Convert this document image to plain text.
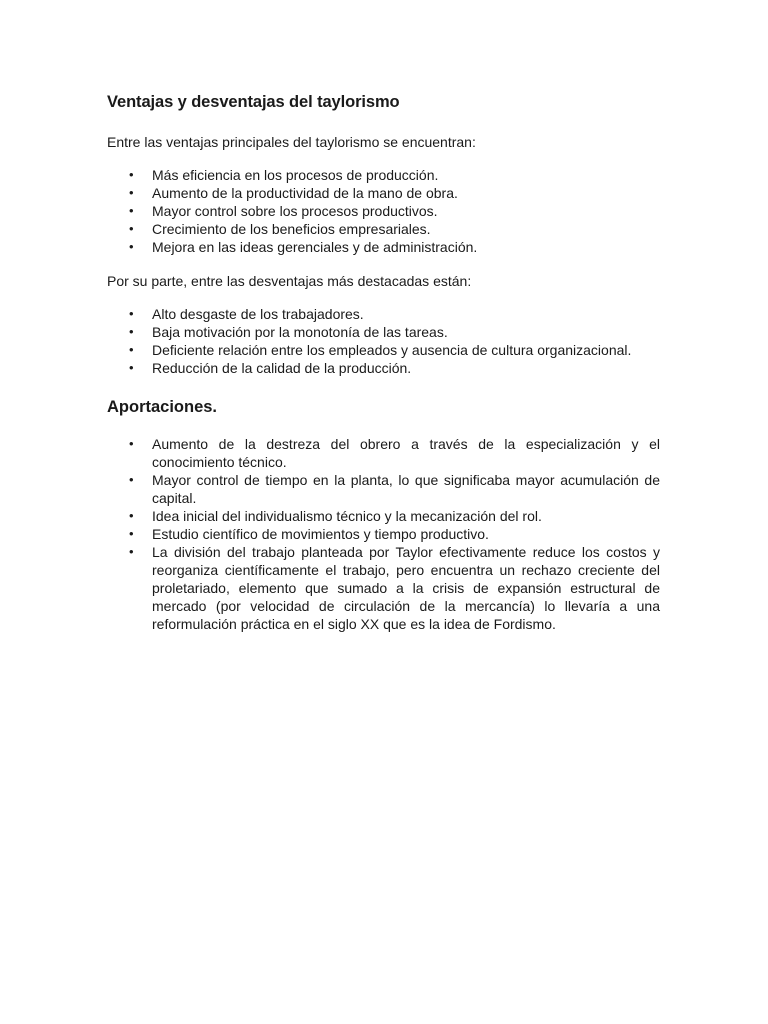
Ventajas y desventajas del taylorismo

Entre las ventajas principales del taylorismo se encuentran:

• Más eficiencia en los procesos de producción.
• Aumento de la productividad de la mano de obra.
• Mayor control sobre los procesos productivos.
• Crecimiento de los beneficios empresariales.
• Mejora en las ideas gerenciales y de administración.

Por su parte, entre las desventajas más destacadas están:

• Alto desgaste de los trabajadores.
• Baja motivación por la monotonía de las tareas.
• Deficiente relación entre los empleados y ausencia de cultura organizacional.
• Reducción de la calidad de la producción.
Aportaciones.
• Aumento de la destreza del obrero a través de la especialización y el conocimiento técnico.
• Mayor control de tiempo en la planta, lo que significaba mayor acumulación de capital.
• Idea inicial del individualismo técnico y la mecanización del rol.
• Estudio científico de movimientos y tiempo productivo.
• La división del trabajo planteada por Taylor efectivamente reduce los costos y reorganiza científicamente el trabajo, pero encuentra un rechazo creciente del proletariado, elemento que sumado a la crisis de expansión estructural de mercado (por velocidad de circulación de la mercancía) lo llevaría a una reformulación práctica en el siglo XX que es la idea de Fordismo.
